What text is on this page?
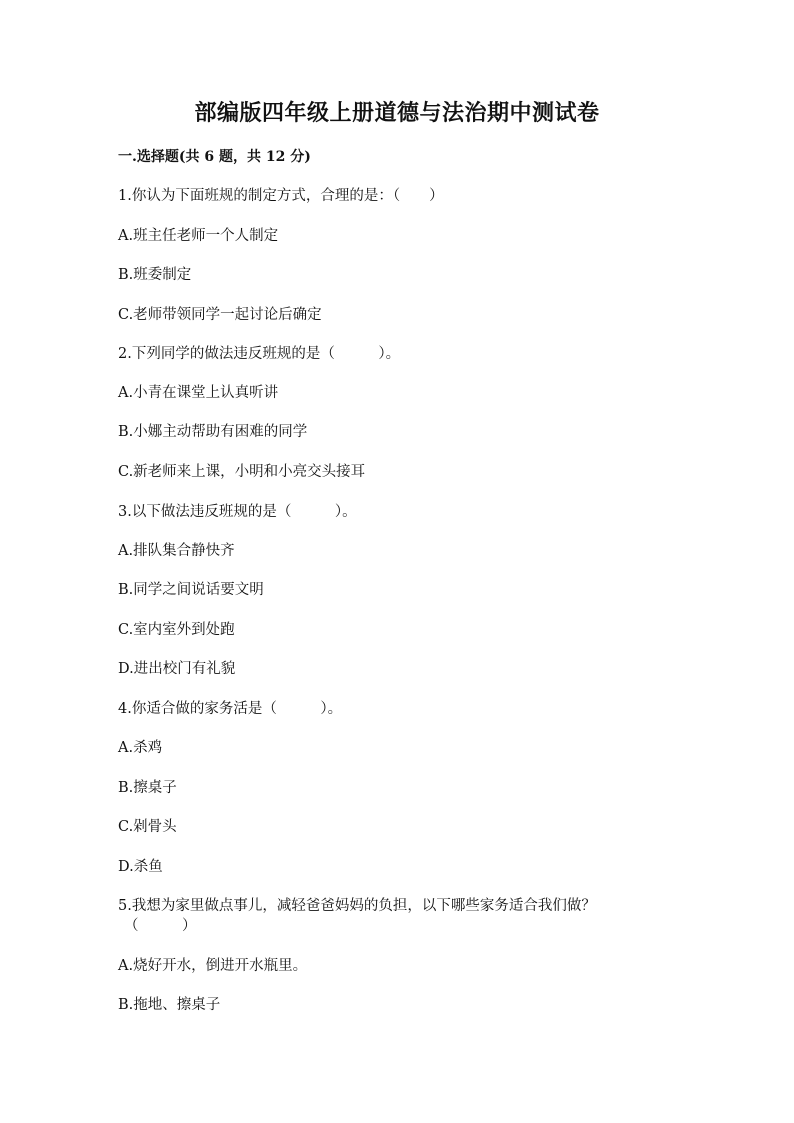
部编版四年级上册道德与法治期中测试卷
一.选择题(共 6 题，共 12 分)
1.你认为下面班规的制定方式，合理的是：（　　）
A.班主任老师一个人制定
B.班委制定
C.老师带领同学一起讨论后确定
2.下列同学的做法违反班规的是（　　　）。
A.小青在课堂上认真听讲
B.小娜主动帮助有困难的同学
C.新老师来上课，小明和小亮交头接耳
3.以下做法违反班规的是（　　　）。
A.排队集合静快齐
B.同学之间说话要文明
C.室内室外到处跑
D.进出校门有礼貌
4.你适合做的家务活是（　　　）。
A.杀鸡
B.擦桌子
C.剁骨头
D.杀鱼
5.我想为家里做点事儿，减轻爸爸妈妈的负担，以下哪些家务适合我们做？
（　　　）
A.烧好开水，倒进开水瓶里。
B.拖地、擦桌子
